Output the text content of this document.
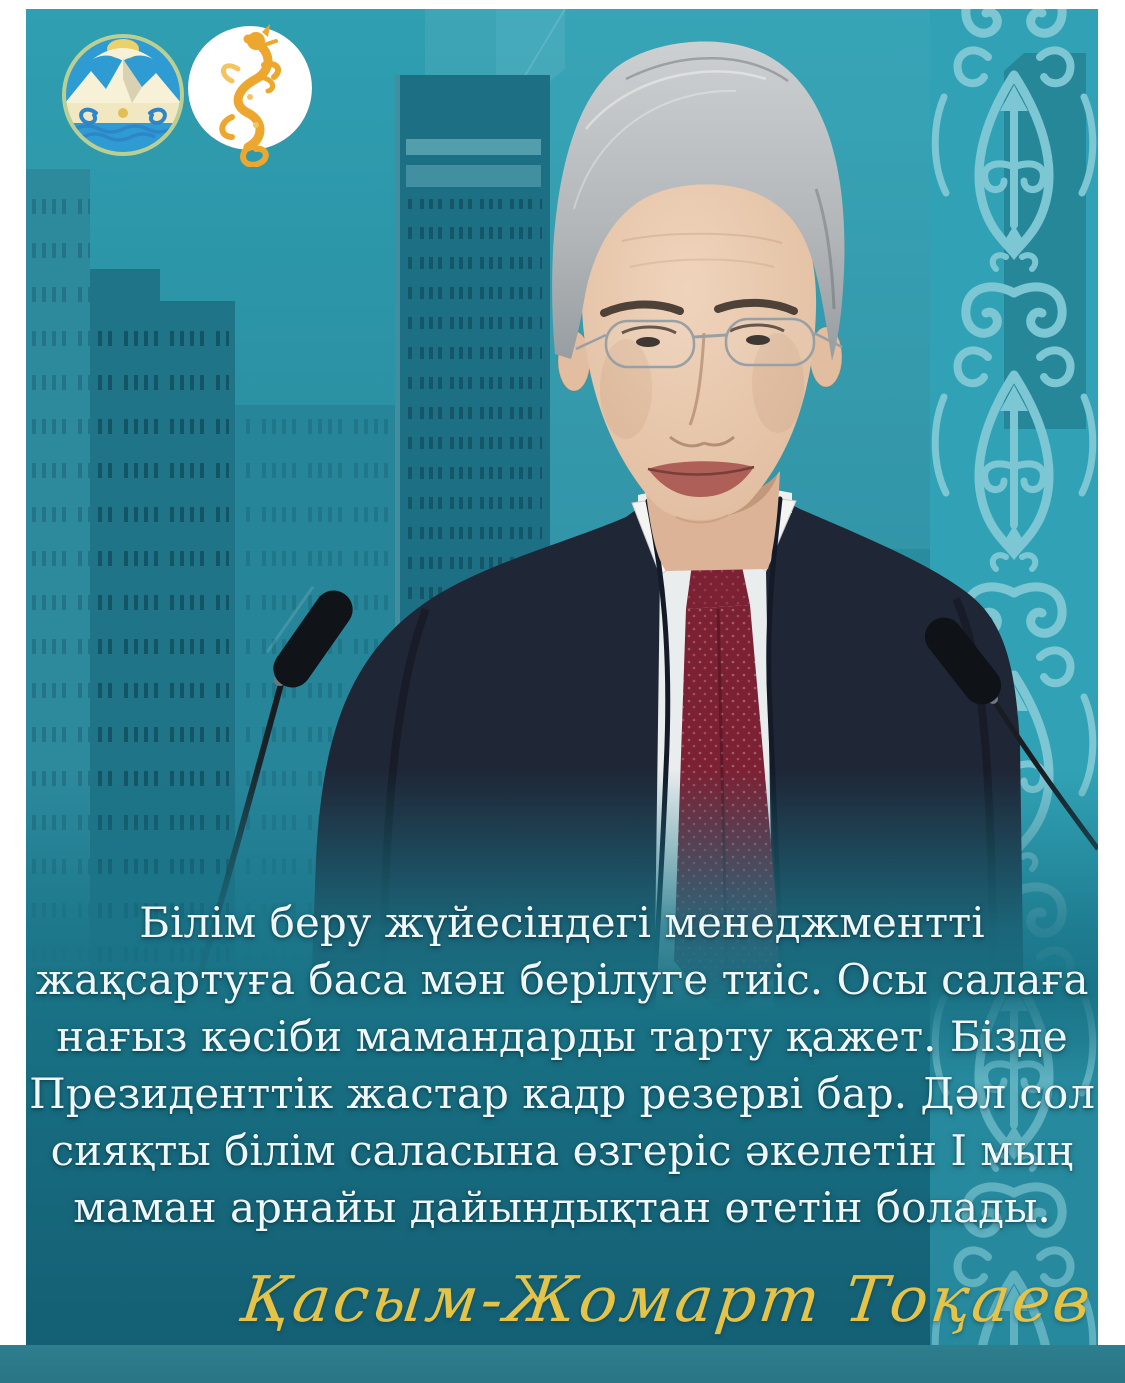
Білім беру жүйесіндегі менеджментті
жақсартуға баса мән берілуге тиіс. Осы салаға
нағыз кәсіби мамандарды тарту қажет. Бізде
Президенттік жастар кадр резерві бар. Дәл сол
сияқты білім саласына өзгеріс әкелетін І мың
маман арнайы дайындықтан өтетін болады.
Қасым-Жомарт Тоқаев
